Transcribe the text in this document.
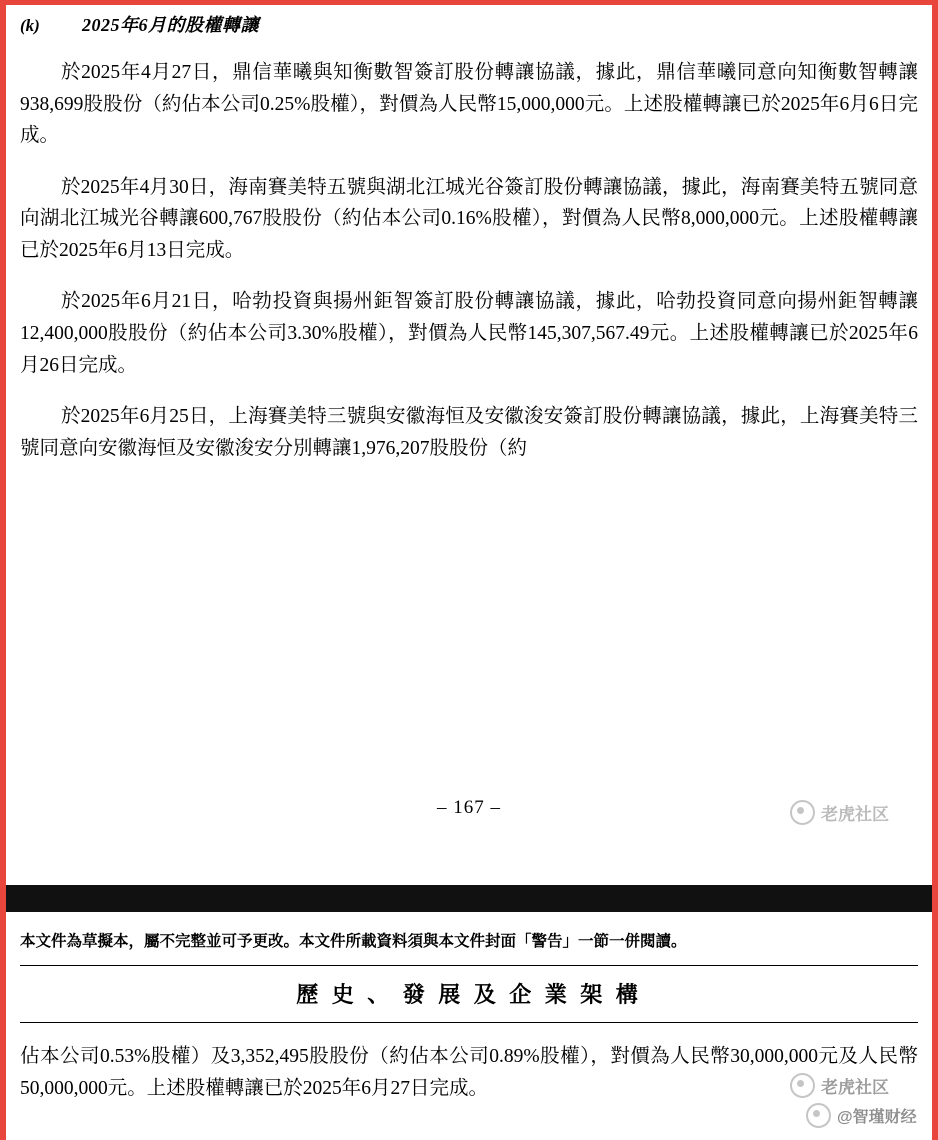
(k)	2025年6月的股權轉讓

於2025年4月27日，鼎信華曦與知衡數智簽訂股份轉讓協議，據此，鼎信華曦同意向知衡數智轉讓938,699股股份（約佔本公司0.25%股權），對價為人民幣15,000,000元。上述股權轉讓已於2025年6月6日完成。

於2025年4月30日，海南賽美特五號與湖北江城光谷簽訂股份轉讓協議，據此，海南賽美特五號同意向湖北江城光谷轉讓600,767股股份（約佔本公司0.16%股權），對價為人民幣8,000,000元。上述股權轉讓已於2025年6月13日完成。

於2025年6月21日，哈勃投資與揚州鉅智簽訂股份轉讓協議，據此，哈勃投資同意向揚州鉅智轉讓12,400,000股股份（約佔本公司3.30%股權），對價為人民幣145,307,567.49元。上述股權轉讓已於2025年6月26日完成。

於2025年6月25日，上海賽美特三號與安徽海恒及安徽浚安簽訂股份轉讓協議，據此，上海賽美特三號同意向安徽海恒及安徽浚安分別轉讓1,976,207股股份（約

– 167 –	老虎社区
本文件為草擬本，屬不完整並可予更改。本文件所載資料須與本文件封面「警告」一節一併閱讀。
歷 史 、 發 展 及 企 業 架 構

佔本公司0.53%股權）及3,352,495股股份（約佔本公司0.89%股權），對價為人民幣30,000,000元及人民幣50,000,000元。上述股權轉讓已於2025年6月27日完成。	老虎社区
@智瑾财经
